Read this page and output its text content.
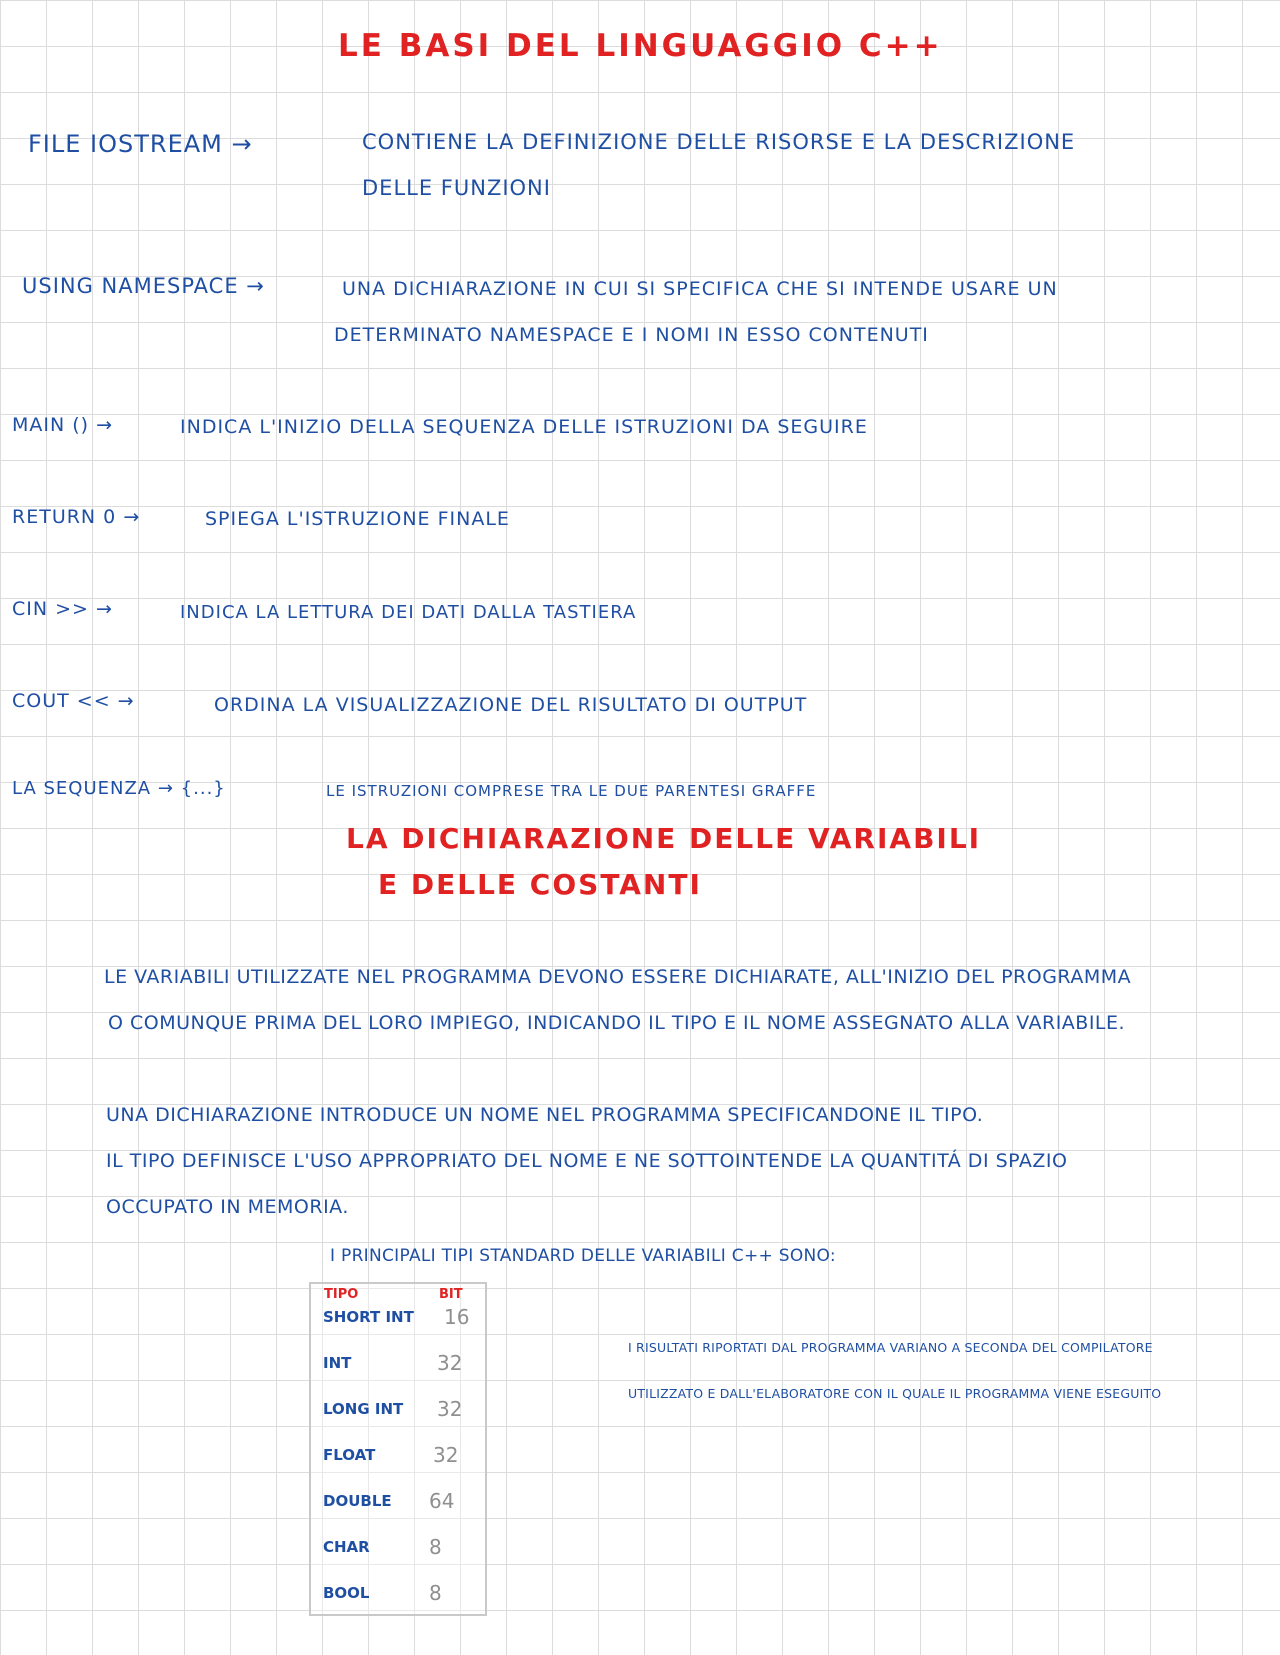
LE BASI DEL LINGUAGGIO C++
FILE IOSTREAM →	CONTIENE LA DEFINIZIONE DELLE RISORSE E LA DESCRIZIONE
DELLE FUNZIONI
USING NAMESPACE →	UNA DICHIARAZIONE IN CUI SI SPECIFICA CHE SI INTENDE USARE UN
DETERMINATO NAMESPACE E I NOMI IN ESSO CONTENUTI
MAIN () →	INDICA L'INIZIO DELLA SEQUENZA DELLE ISTRUZIONI DA SEGUIRE
RETURN 0 →	SPIEGA L'ISTRUZIONE FINALE
CIN >> →	INDICA LA LETTURA DEI DATI DALLA TASTIERA
COUT << →	ORDINA LA VISUALIZZAZIONE DEL RISULTATO DI OUTPUT
LA SEQUENZA → {...}	LE ISTRUZIONI COMPRESE TRA LE DUE PARENTESI GRAFFE
LA DICHIARAZIONE DELLE VARIABILI
E DELLE COSTANTI

LE VARIABILI UTILIZZATE NEL PROGRAMMA DEVONO ESSERE DICHIARATE, ALL'INIZIO DEL PROGRAMMA

O COMUNQUE PRIMA DEL LORO IMPIEGO, INDICANDO IL TIPO E IL NOME ASSEGNATO ALLA VARIABILE.

UNA DICHIARAZIONE INTRODUCE UN NOME NEL PROGRAMMA SPECIFICANDONE IL TIPO.

IL TIPO DEFINISCE L'USO APPROPRIATO DEL NOME E NE SOTTOINTENDE LA QUANTITÁ DI SPAZIO

OCCUPATO IN MEMORIA.

I PRINCIPALI TIPI STANDARD DELLE VARIABILI C++ SONO:

TIPO	BIT
SHORT INT 16
INT	32
LONG INT 32
FLOAT	32
DOUBLE 64
CHAR	8
BOOL	8

I RISULTATI RIPORTATI DAL PROGRAMMA VARIANO A SECONDA DEL COMPILATORE

UTILIZZATO E DALL'ELABORATORE CON IL QUALE IL PROGRAMMA VIENE ESEGUITO
